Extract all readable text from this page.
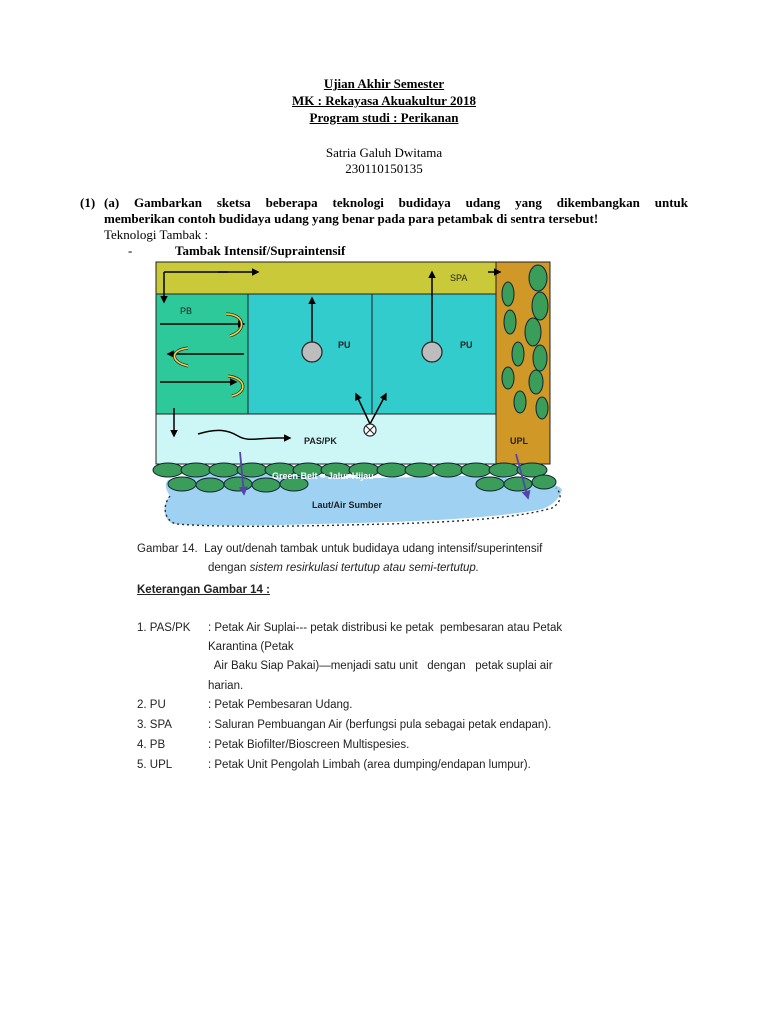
Ujian Akhir Semester
MK : Rekayasa Akuakultur 2018
Program studi : Perikanan
Satria Galuh Dwitama
230110150135
(1) (a) Gambarkan sketsa beberapa teknologi budidaya udang yang dikembangkan untuk
memberikan contoh budidaya udang yang benar pada para petambak di sentra tersebut!
Teknologi Tambak :
-	Tambak Intensif/Supraintensif
SPA
PB
PU	PU
PAS/PK	UPL
Green Belt = Jalur Hijau
Laut/Air Sumber
Gambar 14.  Lay out/denah tambak untuk budidaya udang intensif/superintensif
dengan sistem resirkulasi tertutup atau semi-tertutup.
Keterangan Gambar 14 :
1. PAS/PK : Petak Air Suplai--- petak distribusi ke petak  pembesaran atau Petak
Karantina (Petak
Air Baku Siap Pakai)—menjadi satu unit   dengan   petak suplai air
harian.
2. PU	: Petak Pembesaran Udang.
3. SPA	: Saluran Pembuangan Air (berfungsi pula sebagai petak endapan).
4. PB	: Petak Biofilter/Bioscreen Multispesies.
5. UPL	: Petak Unit Pengolah Limbah (area dumping/endapan lumpur).
